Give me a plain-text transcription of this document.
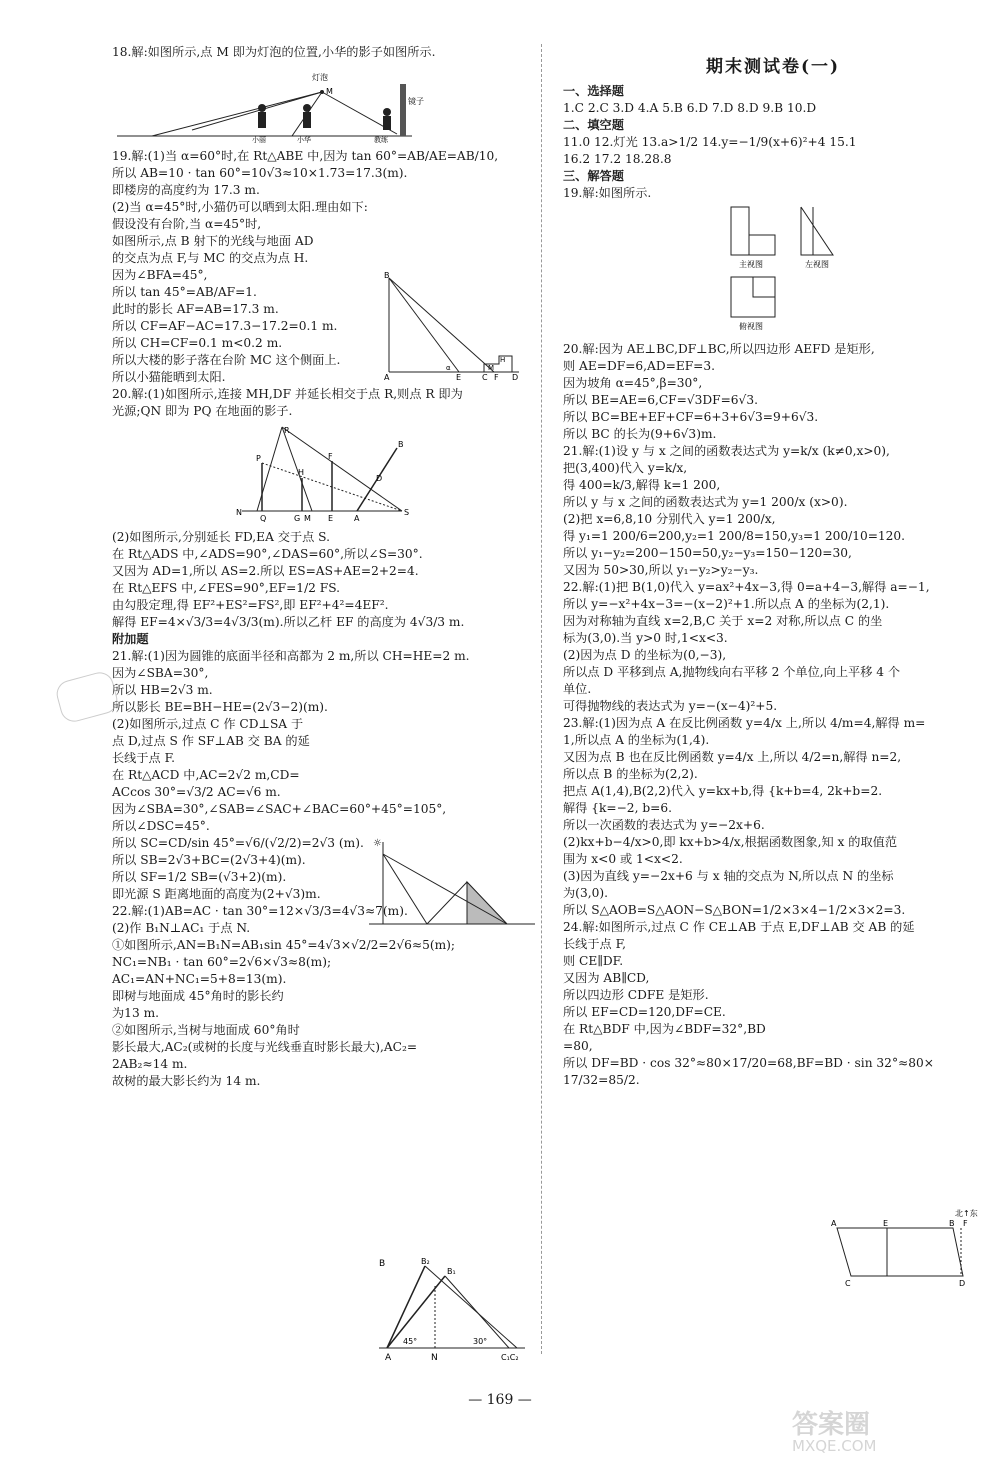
18.解:如图所示,点 M 即为灯泡的位置,小华的影子如图所示.
灯泡
M
镜子
小丽	小华	教练
19.解:(1)当 α=60°时,在 Rt△ABE 中,因为 tan 60°=AB/AE=AB/10,
所以 AB=10 · tan 60°=10√3≈10×1.73=17.3(m).
即楼房的高度约为 17.3 m.
(2)当 α=45°时,小猫仍可以晒到太阳.理由如下:
假设没有台阶,当 α=45°时,
如图所示,点 B 射下的光线与地面 AD
的交点为点 F,与 MC 的交点为点 H.
因为∠BFA=45°,
所以 tan 45°=AB/AF=1.
此时的影长 AF=AB=17.3 m.
所以 CF=AF−AC=17.3−17.2=0.1 m.
所以 CH=CF=0.1 m<0.2 m.
所以大楼的影子落在台阶 MC 这个侧面上.
所以小猫能晒到太阳.
20.解:(1)如图所示,连接 MH,DF 并延长相交于点 R,则点 R 即为
光源;QN 即为 PQ 在地面的影子.
R
B
P
H
F
D
N
Q	G M E	A
S
(2)如图所示,分别延长 FD,EA 交于点 S.
在 Rt△ADS 中,∠ADS=90°,∠DAS=60°,所以∠S=30°.
又因为 AD=1,所以 AS=2.所以 ES=AS+AE=2+2=4.
在 Rt△EFS 中,∠FES=90°,EF=1/2 FS.
由勾股定理,得 EF²+ES²=FS²,即 EF²+4²=4EF².
解得 EF=4×√3/3=4√3/3(m).所以乙杆 EF 的高度为 4√3/3 m.
附加题
21.解:(1)因为圆锥的底面半径和高都为 2 m,所以 CH=HE=2 m.
因为∠SBA=30°,
所以 HB=2√3 m.
所以影长 BE=BH−HE=(2√3−2)(m).
(2)如图所示,过点 C 作 CD⊥SA 于
点 D,过点 S 作 SF⊥AB 交 BA 的延
长线于点 F.
在 Rt△ACD 中,AC=2√2 m,CD=
ACcos 30°=√3/2 AC=√6 m.
因为∠SBA=30°,∠SAB=∠SAC+∠BAC=60°+45°=105°,
所以∠DSC=45°.
所以 SC=CD/sin 45°=√6/(√2/2)=2√3 (m).
所以 SB=2√3+BC=(2√3+4)(m).
所以 SF=1/2 SB=(√3+2)(m).
即光源 S 距离地面的高度为(2+√3)m.
22.解:(1)AB=AC · tan 30°=12×√3/3=4√3≈7(m).
(2)作 B₁N⊥AC₁ 于点 N.
①如图所示,AN=B₁N=AB₁sin 45°=4√3×√2/2=2√6≈5(m);
NC₁=NB₁ · tan 60°=2√6×√3≈8(m);
AC₁=AN+NC₁=5+8=13(m).
即树与地面成 45°角时的影长约
为13 m.
②如图所示,当树与地面成 60°角时
影长最大,AC₂(或树的长度与光线垂直时影长最大),AC₂=
2AB₂≈14 m.
故树的最大影长约为 14 m.
B
A
α
E	C F
M
H
D
☼
A	N
45°	30°
C₁C₂
B	B₂
B₁
期末测试卷(一)
一、选择题
1.C 2.C 3.D 4.A 5.B 6.D 7.D 8.D 9.B 10.D
二、填空题
11.0 12.灯光 13.a>1/2 14.y=−1/9(x+6)²+4 15.1
16.2 17.2 18.28.8
三、解答题
19.解:如图所示.
主视图	左视图
俯视图
20.解:因为 AE⊥BC,DF⊥BC,所以四边形 AEFD 是矩形,
则 AE=DF=6,AD=EF=3.
因为坡角 α=45°,β=30°,
所以 BE=AE=6,CF=√3DF=6√3.
所以 BC=BE+EF+CF=6+3+6√3=9+6√3.
所以 BC 的长为(9+6√3)m.
21.解:(1)设 y 与 x 之间的函数表达式为 y=k/x (k≠0,x>0),
把(3,400)代入 y=k/x,
得 400=k/3,解得 k=1 200,
所以 y 与 x 之间的函数表达式为 y=1 200/x (x>0).
(2)把 x=6,8,10 分别代入 y=1 200/x,
得 y₁=1 200/6=200,y₂=1 200/8=150,y₃=1 200/10=120.
所以 y₁−y₂=200−150=50,y₂−y₃=150−120=30,
又因为 50>30,所以 y₁−y₂>y₂−y₃.
22.解:(1)把 B(1,0)代入 y=ax²+4x−3,得 0=a+4−3,解得 a=−1,
所以 y=−x²+4x−3=−(x−2)²+1.所以点 A 的坐标为(2,1).
因为对称轴为直线 x=2,B,C 关于 x=2 对称,所以点 C 的坐
标为(3,0).当 y>0 时,1<x<3.
(2)因为点 D 的坐标为(0,−3),
所以点 D 平移到点 A,抛物线向右平移 2 个单位,向上平移 4 个
单位.
可得抛物线的表达式为 y=−(x−4)²+5.
23.解:(1)因为点 A 在反比例函数 y=4/x 上,所以 4/m=4,解得 m=
1,所以点 A 的坐标为(1,4).
又因为点 B 也在反比例函数 y=4/x 上,所以 4/2=n,解得 n=2,
所以点 B 的坐标为(2,2).
把点 A(1,4),B(2,2)代入 y=kx+b,得 {k+b=4, 2k+b=2.
解得 {k=−2, b=6.
所以一次函数的表达式为 y=−2x+6.
(2)kx+b−4/x>0,即 kx+b>4/x,根据函数图象,知 x 的取值范
围为 x<0 或 1<x<2.
(3)因为直线 y=−2x+6 与 x 轴的交点为 N,所以点 N 的坐标
为(3,0).
所以 S△AOB=S△AON−S△BON=1/2×3×4−1/2×3×2=3.
24.解:如图所示,过点 C 作 CE⊥AB 于点 E,DF⊥AB 交 AB 的延
长线于点 F,
则 CE∥DF.
又因为 AB∥CD,
所以四边形 CDFE 是矩形.
所以 EF=CD=120,DF=CE.
在 Rt△BDF 中,因为∠BDF=32°,BD
=80,
所以 DF=BD · cos 32°≈80×17/20=68,BF=BD · sin 32°≈80×
17/32=85/2.
A	E	B F
C	D
北↑东
— 169 —
答案圈
MXQE.COM
